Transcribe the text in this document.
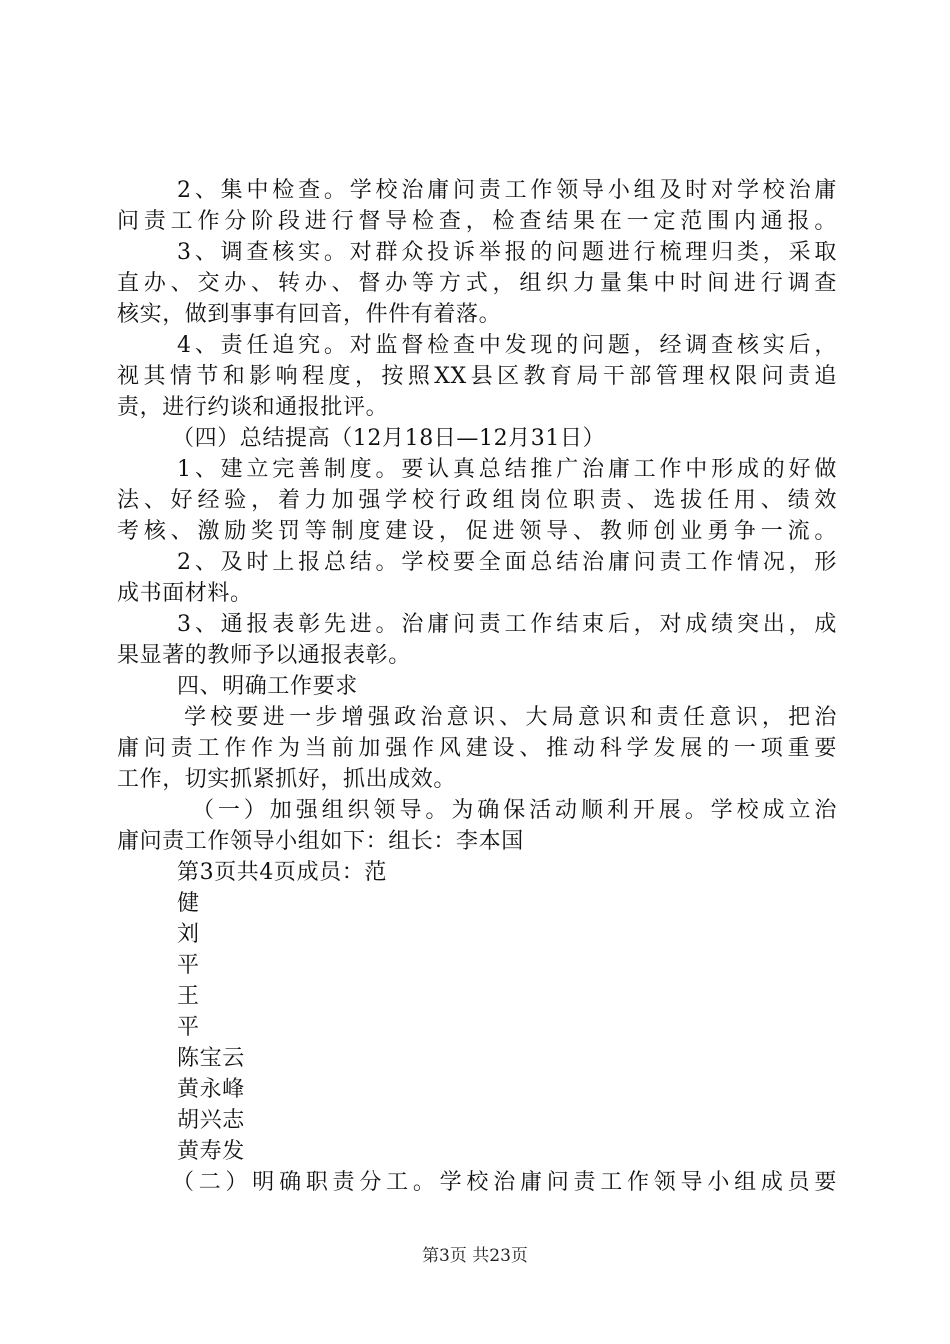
2、集中检查。学校治庸问责工作领导小组及时对学校治庸
问责工作分阶段进行督导检查，检查结果在一定范围内通报。
3、调查核实。对群众投诉举报的问题进行梳理归类，采取
直办、交办、转办、督办等方式，组织力量集中时间进行调查
核实，做到事事有回音，件件有着落。
4、责任追究。对监督检查中发现的问题，经调查核实后，
视其情节和影响程度，按照XX县区教育局干部管理权限问责追
责，进行约谈和通报批评。
（四）总结提高（12月18日—12月31日）
1、建立完善制度。要认真总结推广治庸工作中形成的好做
法、好经验，着力加强学校行政组岗位职责、选拔任用、绩效
考核、激励奖罚等制度建设，促进领导、教师创业勇争一流。
2、及时上报总结。学校要全面总结治庸问责工作情况，形
成书面材料。
3、通报表彰先进。治庸问责工作结束后，对成绩突出，成
果显著的教师予以通报表彰。
四、明确工作要求
学校要进一步增强政治意识、大局意识和责任意识，把治
庸问责工作作为当前加强作风建设、推动科学发展的一项重要
工作，切实抓紧抓好，抓出成效。
（一）加强组织领导。为确保活动顺利开展。学校成立治
庸问责工作领导小组如下：组长：李本国
第3页共4页成员：范
健
刘
平
王
平
陈宝云
黄永峰
胡兴志
黄寿发
（二）明确职责分工。学校治庸问责工作领导小组成员要
第3页 共23页
